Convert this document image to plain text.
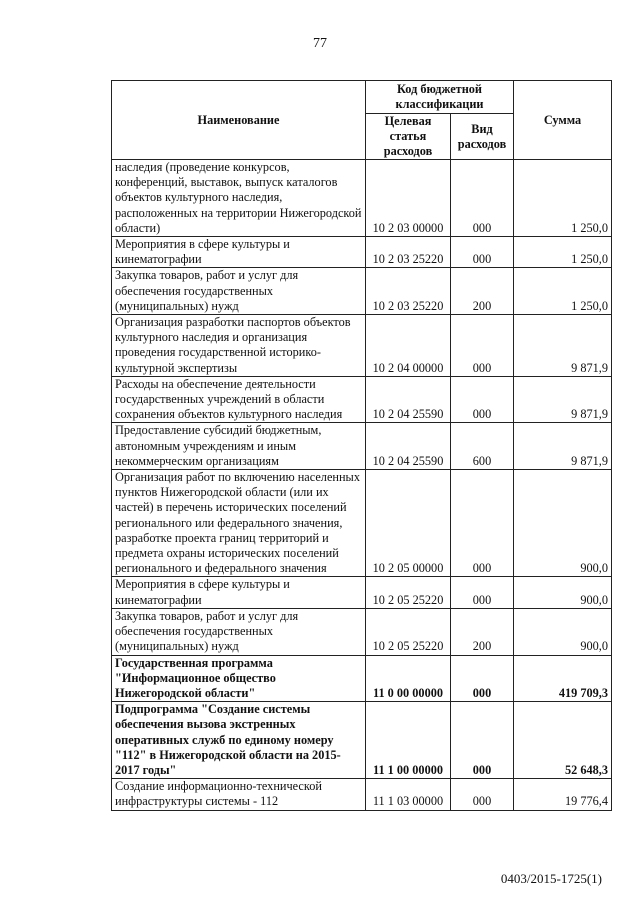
77
Наименование	Код бюджетной классификации		Сумма
	Целевая статья расходов	Вид расходов	
наследия (проведение конкурсов, конференций, выставок, выпуск каталогов объектов культурного наследия, расположенных на территории Нижегородской области)	10 2 03 00000	000	1 250,0
Мероприятия в сфере культуры и кинематографии	10 2 03 25220	000	1 250,0
Закупка товаров, работ и услуг для обеспечения государственных (муниципальных) нужд	10 2 03 25220	200	1 250,0
Организация разработки паспортов объектов культурного наследия и организация проведения государственной историко-культурной экспертизы	10 2 04 00000	000	9 871,9
Расходы на обеспечение деятельности государственных учреждений в области сохранения объектов культурного наследия	10 2 04 25590	000	9 871,9
Предоставление субсидий бюджетным, автономным учреждениям и иным некоммерческим организациям	10 2 04 25590	600	9 871,9
Организация работ по включению населенных пунктов Нижегородской области (или их частей) в перечень исторических поселений регионального или федерального значения, разработке проекта границ территорий и предмета охраны исторических поселений регионального и федерального значения	10 2 05 00000	000	900,0
Мероприятия в сфере культуры и кинематографии	10 2 05 25220	000	900,0
Закупка товаров, работ и услуг для обеспечения государственных (муниципальных) нужд	10 2 05 25220	200	900,0
Государственная программа "Информационное общество Нижегородской области"	11 0 00 00000	000	419 709,3
Подпрограмма "Создание системы обеспечения вызова экстренных оперативных служб по единому номеру "112" в Нижегородской области на 2015-2017 годы"	11 1 00 00000	000	52 648,3
Создание информационно-технической инфраструктуры системы - 112	11 1 03 00000	000	19 776,4
0403/2015-1725(1)
